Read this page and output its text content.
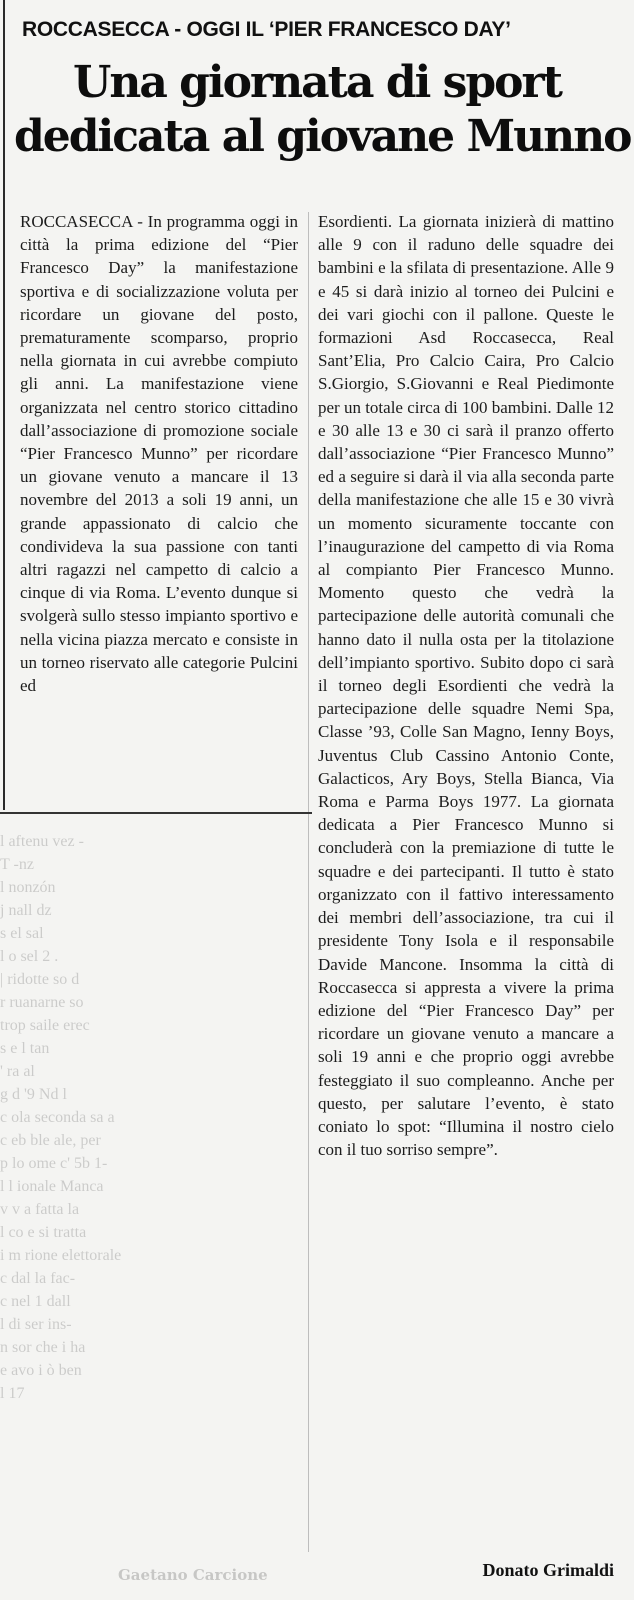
ROCCASECCA - OGGI IL ‘PIER FRANCESCO DAY’
Una giornata di sport
dedicata al giovane Munno
ROCCASECCA - In programma oggi in città la prima edizione del “Pier Francesco Day” la manifestazione sportiva e di socializzazione voluta per ricordare un giovane del posto, prematuramente scomparso, proprio nella giornata in cui avrebbe compiuto gli anni. La manifestazione viene organizzata nel centro storico cittadino dall’associazione di promozione sociale “Pier Francesco Munno” per ricordare un giovane venuto a mancare il 13 novembre del 2013 a soli 19 anni, un grande appassionato di calcio che condivideva la sua passione con tanti altri ragazzi nel campetto di calcio a cinque di via Roma. L’evento dunque si svolgerà sullo stesso impianto sportivo e nella vicina piazza mercato e consiste in un torneo riservato alle categorie Pulcini ed
Esordienti. La giornata inizierà di mattino alle 9 con il raduno delle squadre dei bambini e la sfilata di presentazione. Alle 9 e 45 si darà inizio al torneo dei Pulcini e dei vari giochi con il pallone. Queste le formazioni Asd Roccasecca, Real Sant’Elia, Pro Calcio Caira, Pro Calcio S.Giorgio, S.Giovanni e Real Piedimonte per un totale circa di 100 bambini. Dalle 12 e 30 alle 13 e 30 ci sarà il pranzo offerto dall’associazione “Pier Francesco Munno” ed a seguire si darà il via alla seconda parte della manifestazione che alle 15 e 30 vivrà un momento sicuramente toccante con l’inaugurazione del campetto di via Roma al compianto Pier Francesco Munno. Momento questo che vedrà la partecipazione delle autorità comunali che hanno dato il nulla osta per la titolazione dell’impianto sportivo. Subito dopo ci sarà il torneo degli Esordienti che vedrà la partecipazione delle squadre Nemi Spa, Classe ’93, Colle San Magno, Ienny Boys, Juventus Club Cassino Antonio Conte, Galacticos, Ary Boys, Stella Bianca, Via Roma e Parma Boys 1977. La giornata dedicata a Pier Francesco Munno si concluderà con la premiazione di tutte le squadre e dei partecipanti. Il tutto è stato organizzato con il fattivo interessamento dei membri dell’associazione, tra cui il presidente Tony Isola e il responsabile Davide Mancone. Insomma la città di Roccasecca si appresta a vivere la prima edizione del “Pier Francesco Day” per ricordare un giovane venuto a mancare a soli 19 anni e che proprio oggi avrebbe festeggiato il suo compleanno. Anche per questo, per salutare l’evento, è stato coniato lo spot: “Illumina il nostro cielo con il tuo sorriso sempre”.
l aftenu vez -
T -nz
l nonzón
j nall dz
s el sal
l o sel 2 .
| ridotte so d
r ruanarne so
trop saile erec
s e l tan
' ra al
g d '9 Nd l
c ola seconda sa a
c eb ble ale, per
p lo ome c' 5b 1-
l l ionale Manca
v v a fatta la
l co e si tratta
i m rione elettorale
c dal la fac-
c nel 1 dall
l di ser ins-
n sor che i ha
e avo i ò ben
l 17
Gaetano Carcione	Donato Grimaldi
